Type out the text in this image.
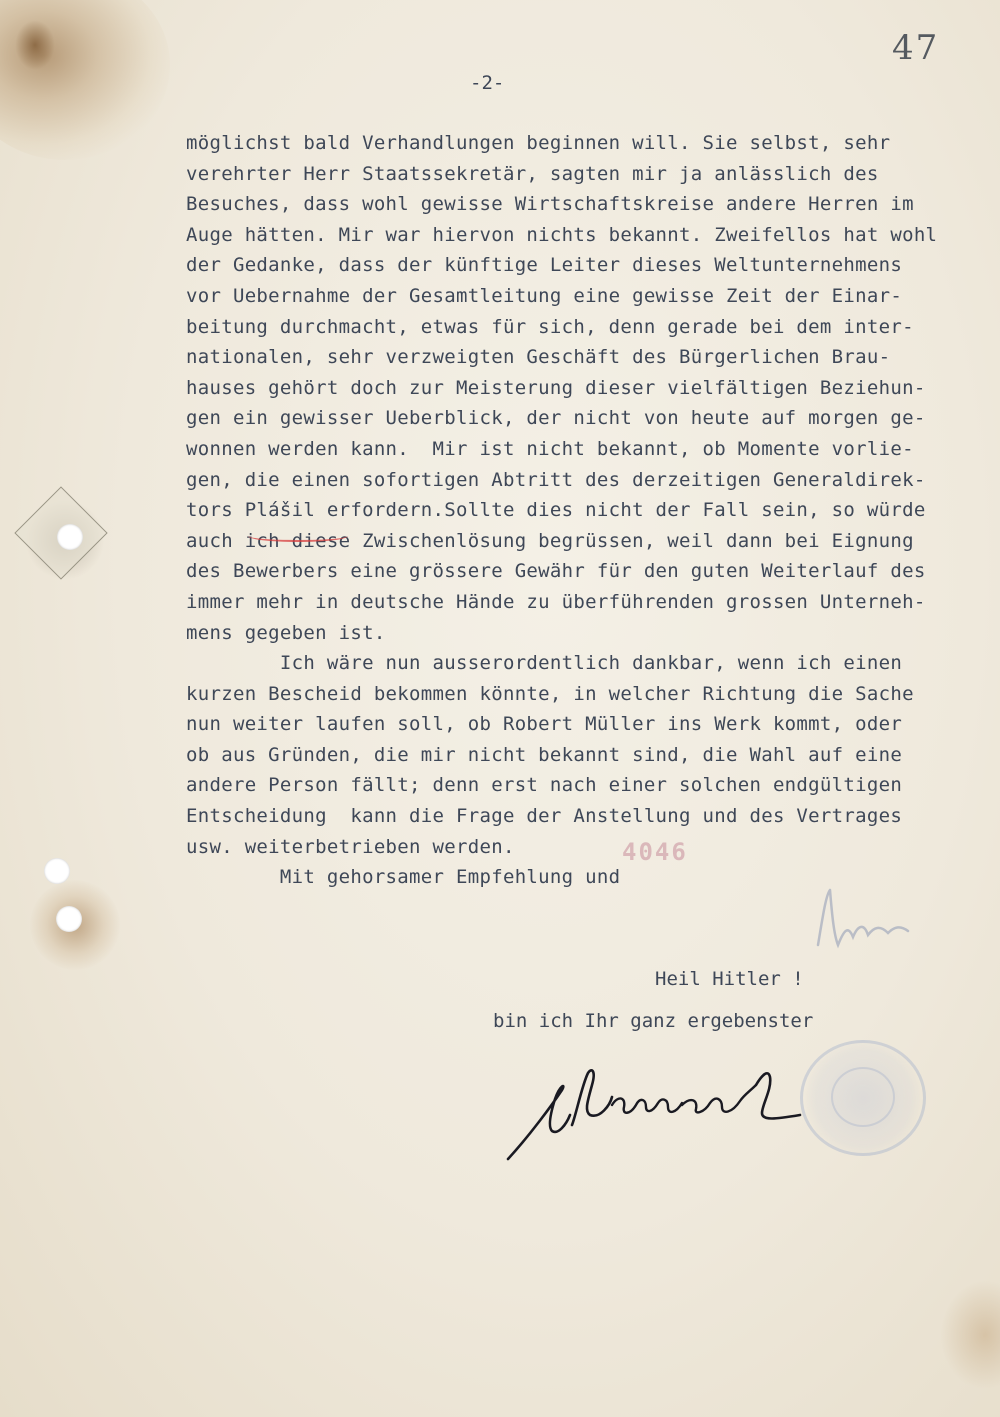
47
-2-
möglichst bald Verhandlungen beginnen will. Sie selbst, sehr
verehrter Herr Staatssekretär, sagten mir ja anlässlich des
Besuches, dass wohl gewisse Wirtschaftskreise andere Herren im
Auge hätten. Mir war hiervon nichts bekannt. Zweifellos hat wohl
der Gedanke, dass der künftige Leiter dieses Weltunternehmens
vor Uebernahme der Gesamtleitung eine gewisse Zeit der Einar-
beitung durchmacht, etwas für sich, denn gerade bei dem inter-
nationalen, sehr verzweigten Geschäft des Bürgerlichen Brau-
hauses gehört doch zur Meisterung dieser vielfältigen Beziehun-
gen ein gewisser Ueberblick, der nicht von heute auf morgen ge-
wonnen werden kann.  Mir ist nicht bekannt, ob Momente vorlie-
gen, die einen sofortigen Abtritt des derzeitigen Generaldirek-
tors Plášil erfordern.Sollte dies nicht der Fall sein, so würde
auch ich diese Zwischenlösung begrüssen, weil dann bei Eignung
des Bewerbers eine grössere Gewähr für den guten Weiterlauf des
immer mehr in deutsche Hände zu überführenden grossen Unterneh-
mens gegeben ist.
Ich wäre nun ausserordentlich dankbar, wenn ich einen
kurzen Bescheid bekommen könnte, in welcher Richtung die Sache
nun weiter laufen soll, ob Robert Müller ins Werk kommt, oder
ob aus Gründen, die mir nicht bekannt sind, die Wahl auf eine
andere Person fällt; denn erst nach einer solchen endgültigen
Entscheidung  kann die Frage der Anstellung und des Vertrages
usw. weiterbetrieben werden.
Mit gehorsamer Empfehlung und
4046
Heil Hitler !
bin ich Ihr ganz ergebenster
